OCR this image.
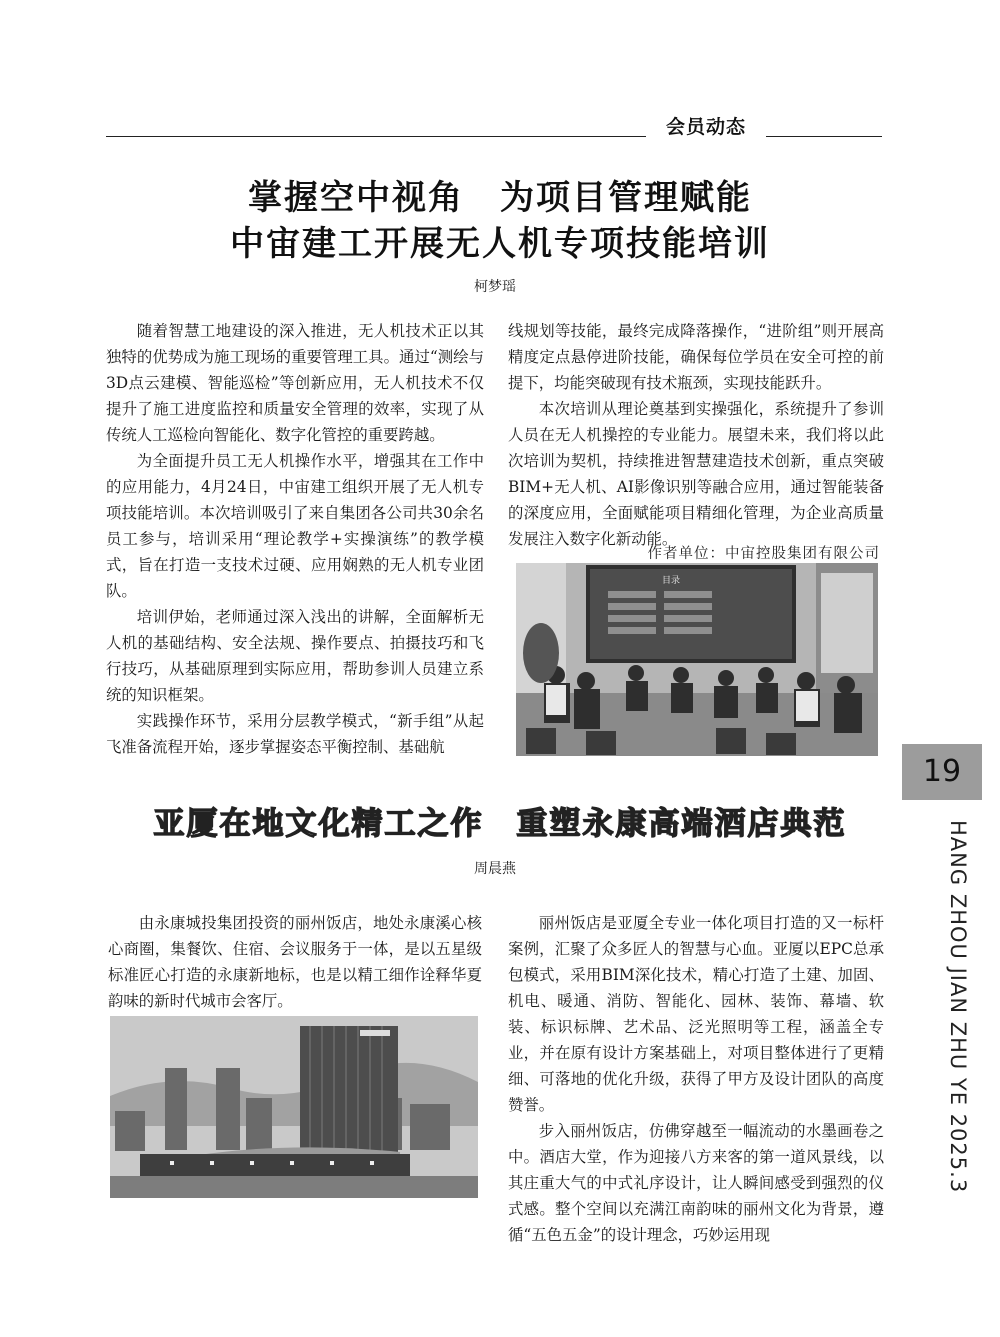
会员动态
掌握空中视角　为项目管理赋能
中宙建工开展无人机专项技能培训
柯梦瑶

随着智慧工地建设的深入推进，无人机技术正以其独特的优势成为施工现场的重要管理工具。通过“测绘与3D点云建模、智能巡检”等创新应用，无人机技术不仅提升了施工进度监控和质量安全管理的效率，实现了从传统人工巡检向智能化、数字化管控的重要跨越。

为全面提升员工无人机操作水平，增强其在工作中的应用能力，4月24日，中宙建工组织开展了无人机专项技能培训。本次培训吸引了来自集团各公司共30余名员工参与，培训采用“理论教学+实操演练”的教学模式，旨在打造一支技术过硬、应用娴熟的无人机专业团队。

培训伊始，老师通过深入浅出的讲解，全面解析无人机的基础结构、安全法规、操作要点、拍摄技巧和飞行技巧，从基础原理到实际应用，帮助参训人员建立系统的知识框架。

实践操作环节，采用分层教学模式，“新手组”从起飞准备流程开始，逐步掌握姿态平衡控制、基础航

线规划等技能，最终完成降落操作，“进阶组”则开展高精度定点悬停进阶技能，确保每位学员在安全可控的前提下，均能突破现有技术瓶颈，实现技能跃升。

本次培训从理论奠基到实操强化，系统提升了参训人员在无人机操控的专业能力。展望未来，我们将以此次培训为契机，持续推进智慧建造技术创新，重点突破BIM+无人机、AI影像识别等融合应用，通过智能装备的深度应用，全面赋能项目精细化管理，为企业高质量发展注入数字化新动能。

作者单位：中宙控股集团有限公司
目录
19
HANG ZHOU JIAN ZHU YE 2025.3
亚厦在地文化精工之作　重塑永康高端酒店典范
周晨燕

由永康城投集团投资的丽州饭店，地处永康溪心核心商圈，集餐饮、住宿、会议服务于一体，是以五星级标准匠心打造的永康新地标，也是以精工细作诠释华夏韵味的新时代城市会客厅。

丽州饭店是亚厦全专业一体化项目打造的又一标杆案例，汇聚了众多匠人的智慧与心血。亚厦以EPC总承包模式，采用BIM深化技术，精心打造了土建、加固、机电、暖通、消防、智能化、园林、装饰、幕墙、软装、标识标牌、艺术品、泛光照明等工程，涵盖全专业，并在原有设计方案基础上，对项目整体进行了更精细、可落地的优化升级，获得了甲方及设计团队的高度赞誉。

步入丽州饭店，仿佛穿越至一幅流动的水墨画卷之中。酒店大堂，作为迎接八方来客的第一道风景线，以其庄重大气的中式礼序设计，让人瞬间感受到强烈的仪式感。整个空间以充满江南韵味的丽州文化为背景，遵循“五色五金”的设计理念，巧妙运用现
